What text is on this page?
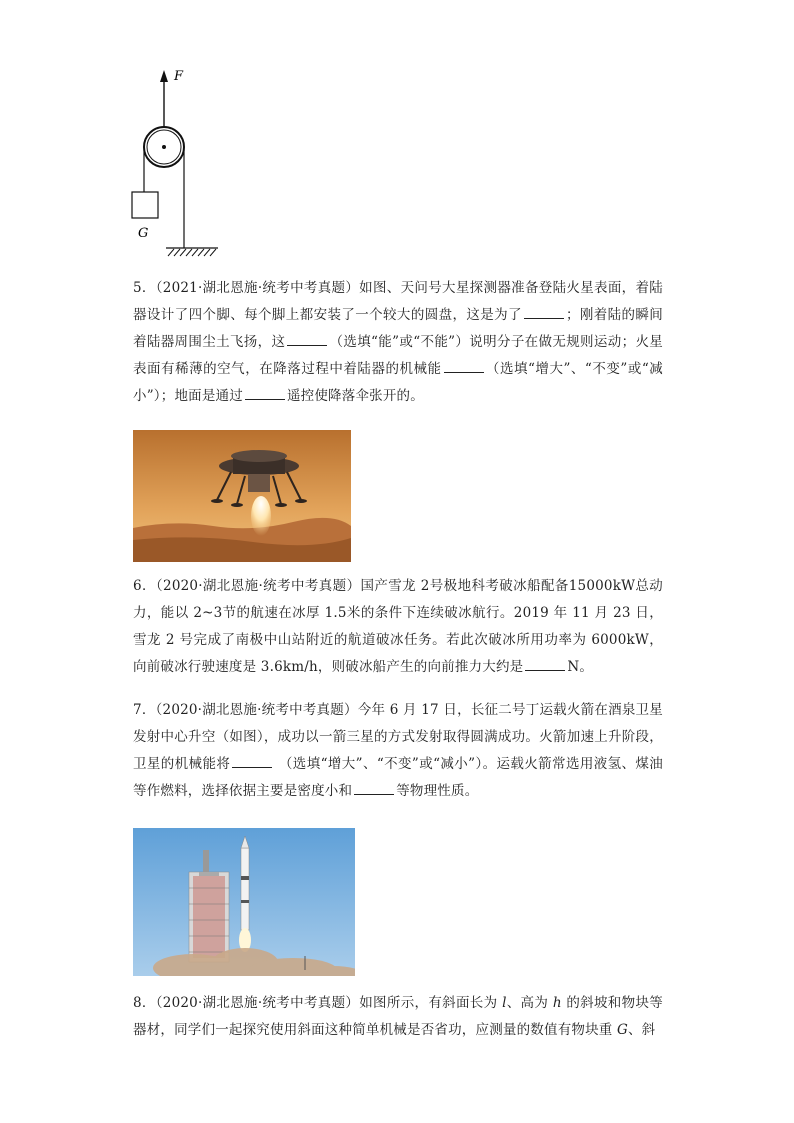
F
G

5．（2021·湖北恩施·统考中考真题）如图、天问号大星探测器准备登陆火星表面，着陆器设计了四个脚、每个脚上都安装了一个较大的圆盘，这是为了	；刚着陆的瞬间着陆器周围尘土飞扬，这	（选填“能”或“不能”）说明分子在做无规则运动；火星表面有稀薄的空气，在降落过程中着陆器的机械能	（选填“增大”、“不变”或“减小”）；地面是通过	遥控使降落伞张开的。

6．（2020·湖北恩施·统考中考真题）国产雪龙 2号极地科考破冰船配备15000kW总动力，能以 2~3节的航速在冰厚 1.5米的条件下连续破冰航行。2019 年 11 月 23 日，雪龙 2 号完成了南极中山站附近的航道破冰任务。若此次破冰所用功率为 6000kW，向前破冰行驶速度是 3.6km/h，则破冰船产生的向前推力大约是	N。

7．（2020·湖北恩施·统考中考真题）今年 6 月 17 日，长征二号丁运载火箭在酒泉卫星发射中心升空（如图），成功以一箭三星的方式发射取得圆满成功。火箭加速上升阶段，卫星的机械能将	（选填“增大”、“不变”或“减小”）。运载火箭常选用液氢、煤油等作燃料，选择依据主要是密度小和	等物理性质。

8．（2020·湖北恩施·统考中考真题）如图所示，有斜面长为 l、高为 h 的斜坡和物块等器材，同学们一起探究使用斜面这种简单机械是否省功，应测量的数值有物块重 G、斜
